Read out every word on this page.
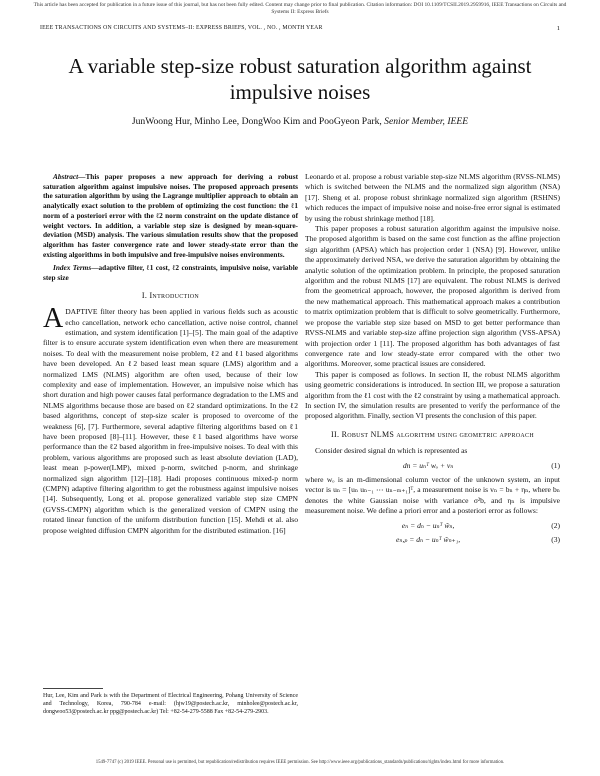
This article has been accepted for publication in a future issue of this journal, but has not been fully edited. Content may change prior to final publication. Citation information: DOI 10.1109/TCSII.2019.2959916, IEEE Transactions on Circuits and Systems II: Express Briefs
IEEE TRANSACTIONS ON CIRCUITS AND SYSTEMS–II: EXPRESS BRIEFS, VOL. , NO. , MONTH YEAR	1
A variable step-size robust saturation algorithm against impulsive noises
JunWoong Hur, Minho Lee, DongWoo Kim and PooGyeon Park, Senior Member, IEEE

Abstract—This paper proposes a new approach for deriving a robust saturation algorithm against impulsive noises. The proposed approach presents the saturation algorithm by using the Lagrange multiplier approach to obtain an analytically exact solution to the problem of optimizing the cost function: the ℓ1 norm of a posteriori error with the ℓ2 norm constraint on the update distance of weight vectors. In addition, a variable step size is designed by mean-square-deviation (MSD) analysis. The various simulation results show that the proposed algorithm has faster convergence rate and lower steady-state error than the existing algorithms in both impulsive and free-impulsive noises environments.

Index Terms—adaptive filter, ℓ1 cost, ℓ2 constraints, impulsive noise, variable step size

I. Introduction

ADAPTIVE filter theory has been applied in various fields such as acoustic echo cancellation, network echo cancellation, active noise control, channel estimation, and system identification [1]–[5]. The main goal of the adaptive filter is to ensure accurate system identification even when there are measurement noises. To deal with the measurement noise problem, ℓ2 and ℓ1 based algorithms have been developed. An ℓ2 based least mean square (LMS) algorithm and a normalized LMS (NLMS) algorithm are often used, because of their low complexity and ease of implementation. However, an impulsive noise which has short duration and high power causes fatal performance degradation to the LMS and NLMS algorithms because those are based on ℓ2 standard optimizations. In the ℓ2 based algorithms, concept of step-size scaler is proposed to overcome of the weakness [6], [7]. Furthermore, several adaptive filtering algorithms based on ℓ1 have been proposed [8]–[11]. However, these ℓ1 based algorithms have worse performance than the ℓ2 based algorithm in free-impulsive noises. To deal with this problem, various algorithms are proposed such as least absolute deviation (LAD), least mean p-power(LMP), mixed p-norm, switched p-norm, and shrinkage normalized sign algorithm [12]–[18]. Hadi proposes continuous mixed-p norm (CMPN) adaptive filtering algorithm to get the robustness against impulsive noises [14]. Subsequently, Long et al. propose generalized variable step size CMPN (GVSS-CMPN) algorithm which is the generalized version of CMPN using the rotated linear function of the uniform distribution function [15]. Mehdi et al. also propose weighted diffusion CMPN algorithm for the distributed estimation. [16]

Hur, Lee, Kim and Park is with the Department of Electrical Engineering, Pohang University of Science and Technology, Korea, 790-784 e-mail: (hjw19@postech.ac.kr, minholee@postech.ac.kr, dongwoo53@postech.ac.kr ppg@postech.ac.kr) Tel: +82-54-279-5588 Fax +82-54-279-2903.

Leonardo et al. propose a robust variable step-size NLMS algorithm (RVSS-NLMS) which is switched between the NLMS and the normalized sign algorithm (NSA) [17]. Sheng et al. propose robust shrinkage normalized sign algorithm (RSHNS) which reduces the impact of impulsive noise and noise-free error signal is estimated by using the robust shrinkage method [18].

This paper proposes a robust saturation algorithm against the impulsive noise. The proposed algorithm is based on the same cost function as the affine projection sign algorithm (APSA) which has projection order 1 (NSA) [9]. However, unlike the approximately derived NSA, we derive the saturation algorithm by obtaining the analytic solution of the optimization problem. In principle, the proposed saturation algorithm and the robust NLMS [17] are equivalent. The robust NLMS is derived from the geometrical approach, however, the proposed algorithm is derived from the new mathematical approach. This mathematical approach makes a contribution to matrix optimization problem that is difficult to solve geometrically. Furthermore, we propose the variable step size based on MSD to get better performance than RVSS-NLMS and variable step-size affine projection sign algorithm (VSS-APSA) with projection order 1 [11]. The proposed algorithm has both advantages of fast convergence rate and low steady-state error compared with the other two algorithms. Moreover, some practical issues are considered.

This paper is composed as follows. In section II, the robust NLMS algorithm using geometric considerations is introduced. In section III, we propose a saturation algorithm from the ℓ1 cost with the ℓ2 constraint by using a mathematical approach. In section IV, the simulation results are presented to verify the performance of the proposed algorithm. Finally, section VI presents the conclusion of this paper.

II. Robust NLMS algorithm using geometric approach

Consider desired signal dn which is represented as

dn = uₙᵀ wₒ + vₙ	(1)

where wₒ is an m-dimensional column vector of the unknown system, an input vector is uₙ = [uₙ uₙ₋₁ ⋯ uₙ₋ₘ₊₁]ᵀ, a measurement noise is vₙ = bₙ + ηₙ, where bₙ denotes the white Gaussian noise with variance σ²b, and ηₙ is impulsive measurement noise. We define a priori error and a posteriori error as follows:

eₙ = dₙ − uₙᵀ ŵₙ,	(2)
eₙ,ₚ = dₙ − uₙᵀ ŵₙ₊₁,	(3)
1549-7747 (c) 2019 IEEE. Personal use is permitted, but republication/redistribution requires IEEE permission. See http://www.ieee.org/publications_standards/publications/rights/index.html for more information.
